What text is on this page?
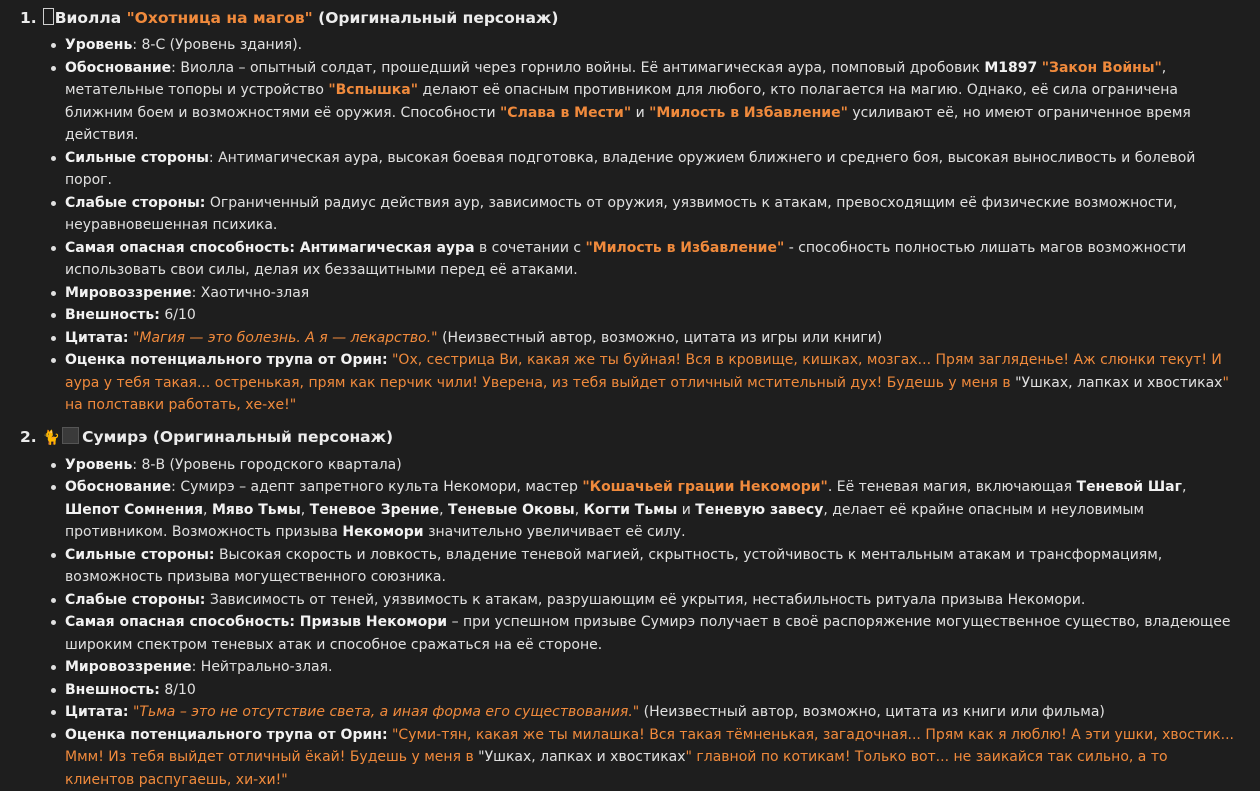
1. Виолла "Охотница на магов" (Оригинальный персонаж)
Уровень: 8-C (Уровень здания).
Обоснование: Виолла – опытный солдат, прошедший через горнило войны. Её антимагическая аура, помповый дробовик M1897 "Закон Войны", метательные топоры и устройство "Вспышка" делают её опасным противником для любого, кто полагается на магию. Однако, её сила ограничена ближним боем и возможностями её оружия. Способности "Слава в Мести" и "Милость в Избавление" усиливают её, но имеют ограниченное время действия.
Сильные стороны: Антимагическая аура, высокая боевая подготовка, владение оружием ближнего и среднего боя, высокая выносливость и болевой порог.
Слабые стороны: Ограниченный радиус действия аур, зависимость от оружия, уязвимость к атакам, превосходящим её физические возможности, неуравновешенная психика.
Самая опасная способность: Антимагическая аура в сочетании с "Милость в Избавление" - способность полностью лишать магов возможности использовать свои силы, делая их беззащитными перед её атаками.
Мировоззрение: Хаотично-злая
Внешность: 6/10
Цитата: "Магия — это болезнь. А я — лекарство." (Неизвестный автор, возможно, цитата из игры или книги)
Оценка потенциального трупа от Орин: "Ох, сестрица Ви, какая же ты буйная! Вся в кровище, кишках, мозгах... Прям загляденье! Аж слюнки текут! И аура у тебя такая... остренькая, прям как перчик чили! Уверена, из тебя выйдет отличный мстительный дух! Будешь у меня в "Ушках, лапках и хвостиках" на полставки работать, хе-хе!"
2. 🐈 Сумирэ (Оригинальный персонаж)
Уровень: 8-B (Уровень городского квартала)
Обоснование: Сумирэ – адепт запретного культа Некомори, мастер "Кошачьей грации Некомори". Её теневая магия, включающая Теневой Шаг, Шепот Сомнения, Мяво Тьмы, Теневое Зрение, Теневые Оковы, Когти Тьмы и Теневую завесу, делает её крайне опасным и неуловимым противником. Возможность призыва Некомори значительно увеличивает её силу.
Сильные стороны: Высокая скорость и ловкость, владение теневой магией, скрытность, устойчивость к ментальным атакам и трансформациям, возможность призыва могущественного союзника.
Слабые стороны: Зависимость от теней, уязвимость к атакам, разрушающим её укрытия, нестабильность ритуала призыва Некомори.
Самая опасная способность: Призыв Некомори – при успешном призыве Сумирэ получает в своё распоряжение могущественное существо, владеющее широким спектром теневых атак и способное сражаться на её стороне.
Мировоззрение: Нейтрально-злая.
Внешность: 8/10
Цитата: "Тьма – это не отсутствие света, а иная форма его существования." (Неизвестный автор, возможно, цитата из книги или фильма)
Оценка потенциального трупа от Орин: "Суми-тян, какая же ты милашка! Вся такая тёмненькая, загадочная... Прям как я люблю! А эти ушки, хвостик... Ммм! Из тебя выйдет отличный ёкай! Будешь у меня в "Ушках, лапках и хвостиках" главной по котикам! Только вот... не заикайся так сильно, а то клиентов распугаешь, хи-хи!"
